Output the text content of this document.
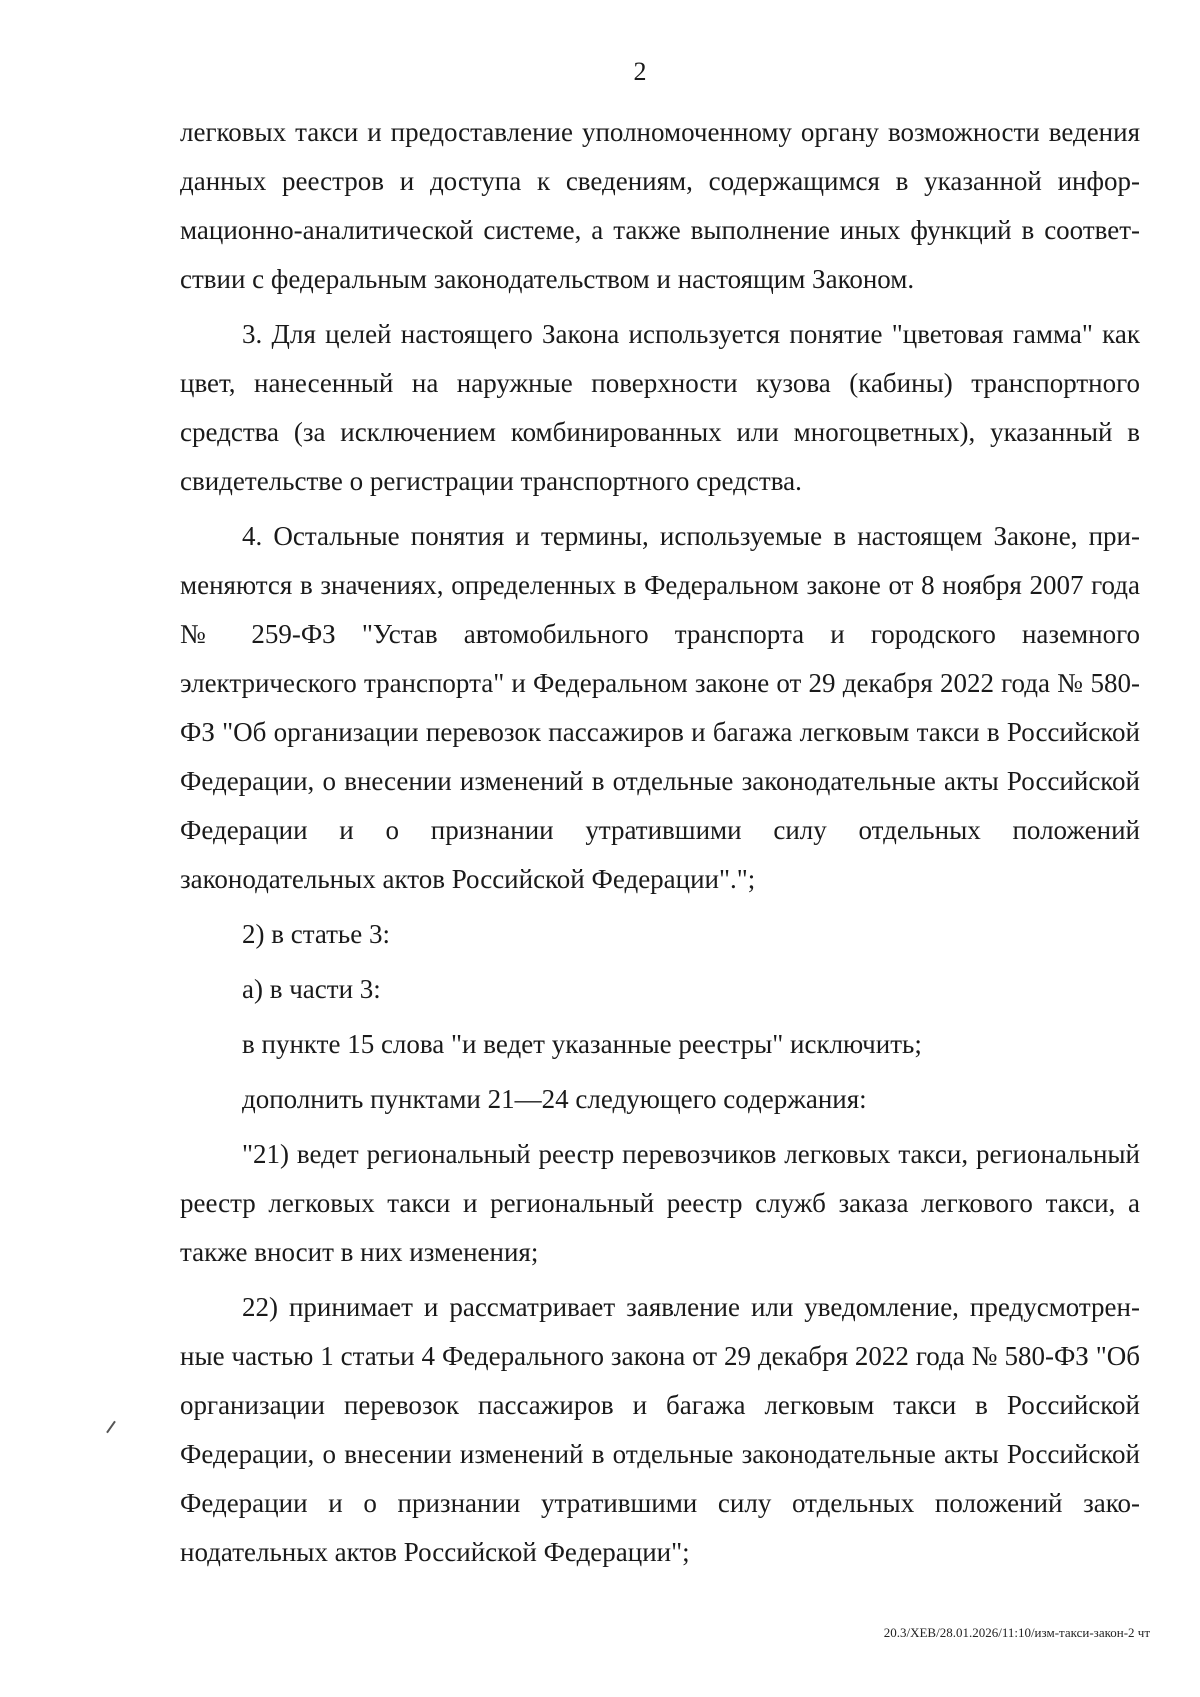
2

легковых такси и предоставление уполномоченному органу возможности ведения данных реестров и доступа к сведениям, содержащимся в указанной информационно-аналитической системе, а также выполнение иных функций в соответствии с федеральным законодательством и настоящим Законом.

3. Для целей настоящего Закона используется понятие "цветовая гамма" как цвет, нанесенный на наружные поверхности кузова (кабины) транспортного средства (за исключением комбинированных или многоцветных), указанный в свидетельстве о регистрации транспортного средства.

4. Остальные понятия и термины, используемые в настоящем Законе, применяются в значениях, определенных в Федеральном законе от 8 ноября 2007 года № 259-ФЗ "Устав автомобильного транспорта и городского наземного электрического транспорта" и Федеральном законе от 29 декабря 2022 года № 580-ФЗ "Об организации перевозок пассажиров и багажа легковым такси в Российской Федерации, о внесении изменений в отдельные законодательные акты Российской Федерации и о признании утратившими силу отдельных положений законодательных актов Российской Федерации".";

2) в статье 3:

а) в части 3:

в пункте 15 слова "и ведет указанные реестры" исключить;

дополнить пунктами 21—24 следующего содержания:

"21) ведет региональный реестр перевозчиков легковых такси, региональный реестр легковых такси и региональный реестр служб заказа легкового такси, а также вносит в них изменения;

22) принимает и рассматривает заявление или уведомление, предусмотренные частью 1 статьи 4 Федерального закона от 29 декабря 2022 года № 580-ФЗ "Об организации перевозок пассажиров и багажа легковым такси в Российской Федерации, о внесении изменений в отдельные законодательные акты Российской Федерации и о признании утратившими силу отдельных положений законодательных актов Российской Федерации";

20.3/ХЕВ/28.01.2026/11:10/изм-такси-закон-2 чт
